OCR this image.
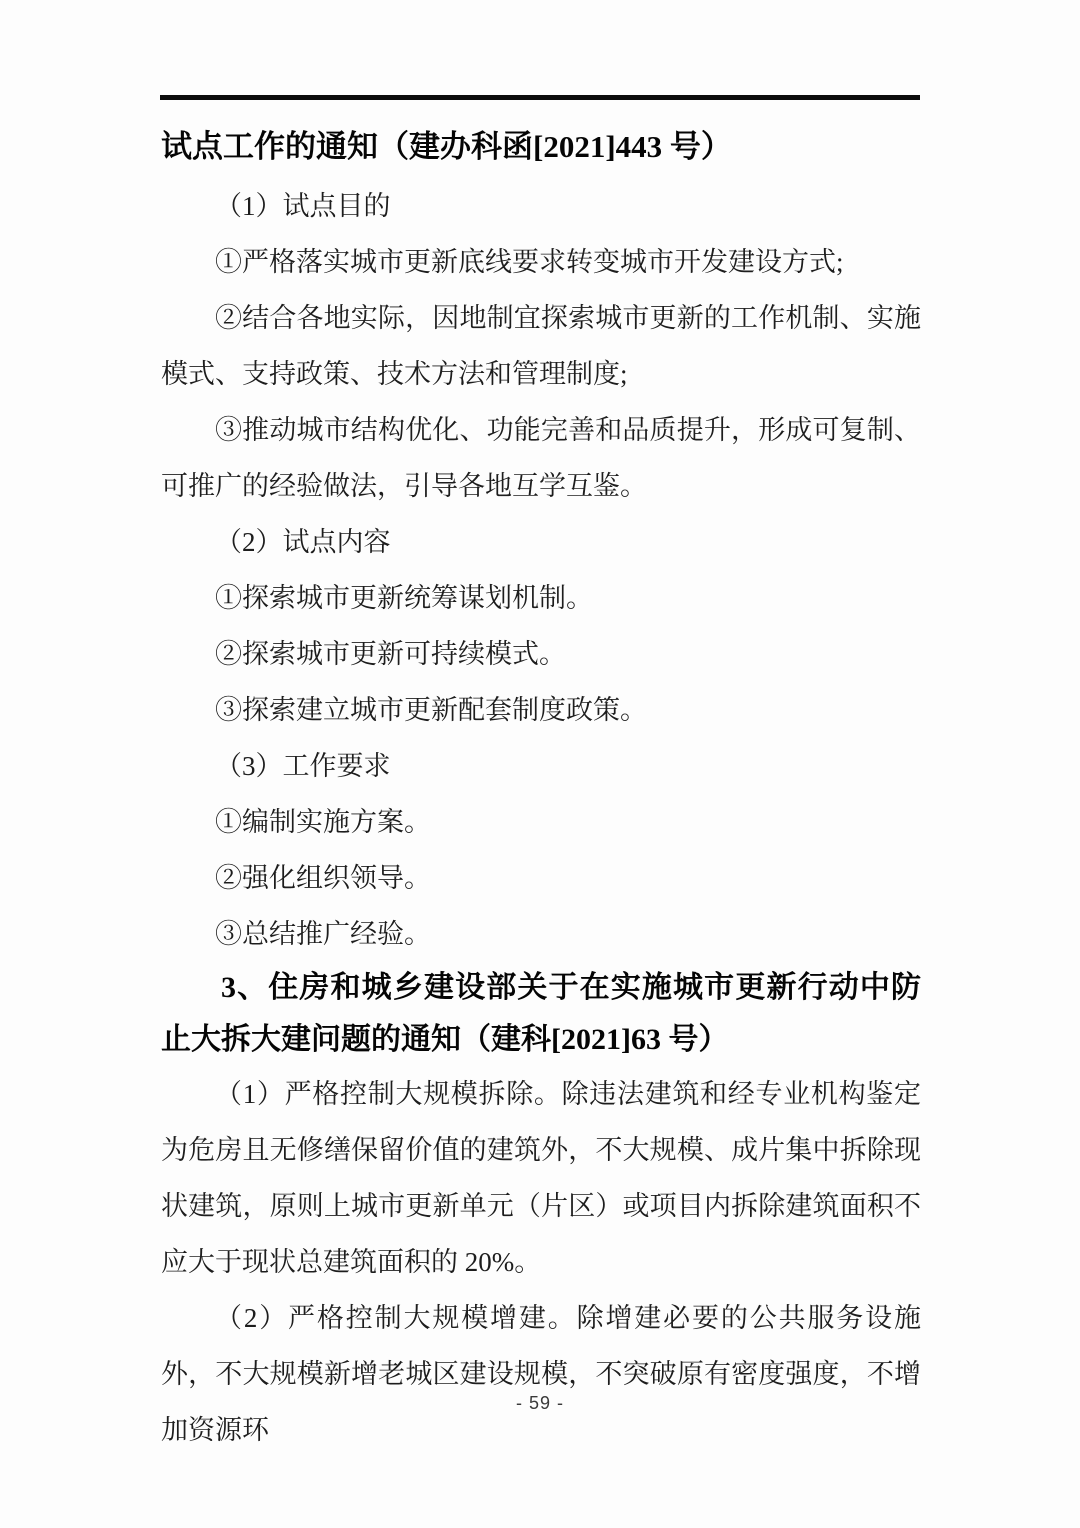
试点工作的通知（建办科函[2021]443 号）

（1）试点目的

①严格落实城市更新底线要求转变城市开发建设方式;

②结合各地实际，因地制宜探索城市更新的工作机制、实施模式、支持政策、技术方法和管理制度;

③推动城市结构优化、功能完善和品质提升，形成可复制、可推广的经验做法，引导各地互学互鉴。

（2）试点内容

①探索城市更新统筹谋划机制。

②探索城市更新可持续模式。

③探索建立城市更新配套制度政策。

（3）工作要求

①编制实施方案。

②强化组织领导。

③总结推广经验。

3、住房和城乡建设部关于在实施城市更新行动中防止大拆大建问题的通知（建科[2021]63 号）

（1）严格控制大规模拆除。除违法建筑和经专业机构鉴定为危房且无修缮保留价值的建筑外，不大规模、成片集中拆除现状建筑，原则上城市更新单元（片区）或项目内拆除建筑面积不应大于现状总建筑面积的 20%。

（2）严格控制大规模增建。除增建必要的公共服务设施外，不大规模新增老城区建设规模，不突破原有密度强度，不增加资源环

- 59 -
